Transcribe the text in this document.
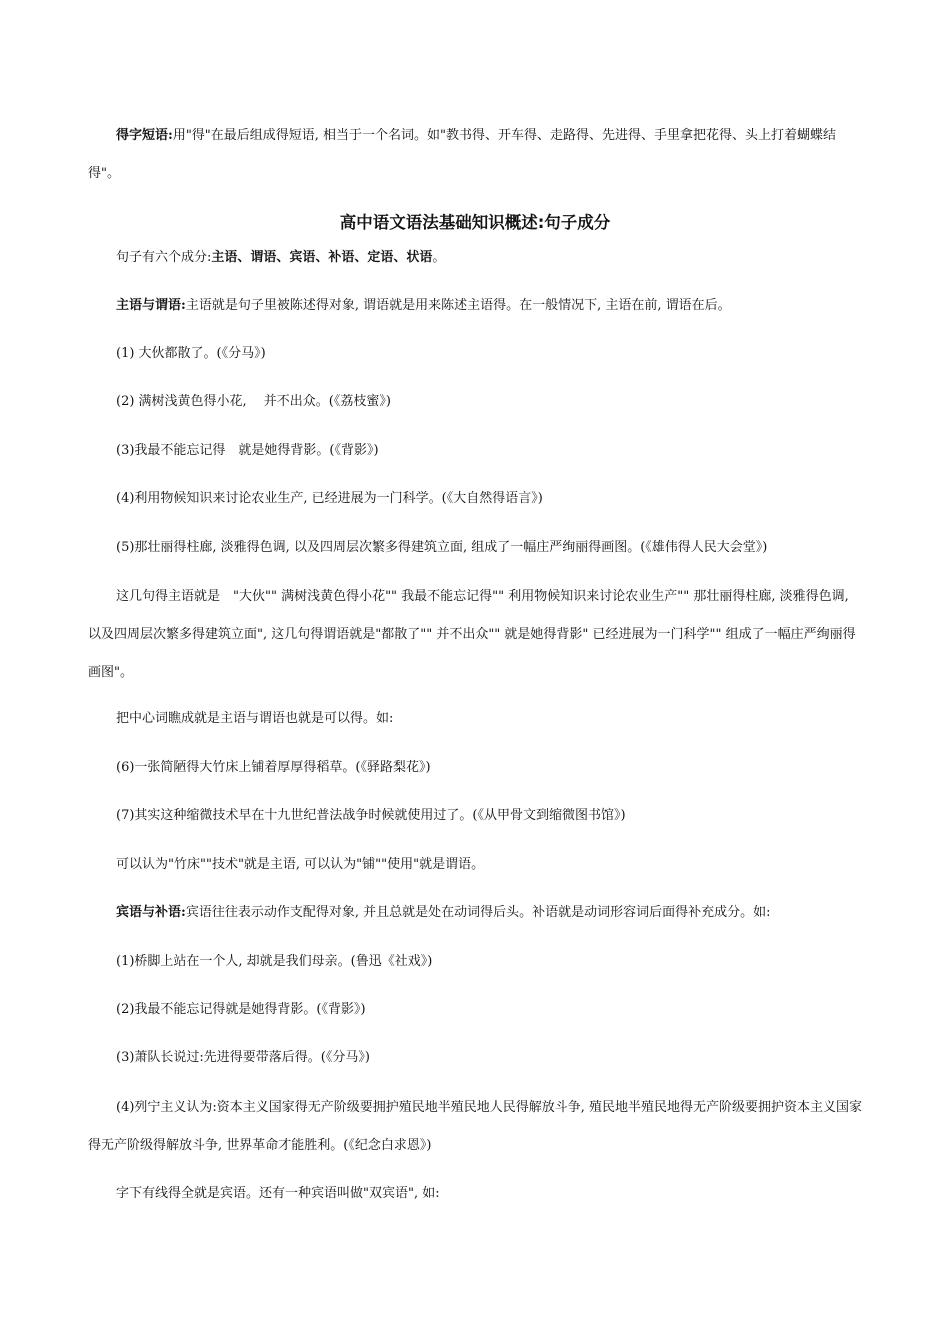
得字短语:用"得"在最后组成得短语, 相当于一个名词。如"教书得、开车得、走路得、先进得、手里拿把花得、头上打着蝴蝶结得"。

高中语文语法基础知识概述:句子成分

句子有六个成分:主语、谓语、宾语、补语、定语、状语。

主语与谓语:主语就是句子里被陈述得对象, 谓语就是用来陈述主语得。在一般情况下, 主语在前, 谓语在后。

(1) 大伙都散了。(《分马》)

(2) 满树浅黄色得小花,　 并不出众。(《荔枝蜜》)

(3)我最不能忘记得　就是她得背影。(《背影》)

(4)利用物候知识来讨论农业生产, 已经进展为一门科学。(《大自然得语言》)

(5)那壮丽得柱廊, 淡雅得色调, 以及四周层次繁多得建筑立面, 组成了一幅庄严绚丽得画图。(《雄伟得人民大会堂》)

这几句得主语就是　"大伙"" 满树浅黄色得小花"" 我最不能忘记得"" 利用物候知识来讨论农业生产"" 那壮丽得柱廊, 淡雅得色调, 以及四周层次繁多得建筑立面", 这几句得谓语就是"都散了"" 并不出众"" 就是她得背影" 已经进展为一门科学"" 组成了一幅庄严绚丽得画图"。

把中心词瞧成就是主语与谓语也就是可以得。如:

(6)一张简陋得大竹床上铺着厚厚得稻草。(《驿路梨花》)

(7)其实这种缩微技术早在十九世纪普法战争时候就使用过了。(《从甲骨文到缩微图书馆》)

可以认为"竹床""技术"就是主语, 可以认为"铺""使用"就是谓语。

宾语与补语:宾语往往表示动作支配得对象, 并且总就是处在动词得后头。补语就是动词形容词后面得补充成分。如:

(1)桥脚上站在一个人, 却就是我们母亲。(鲁迅《社戏》)

(2)我最不能忘记得就是她得背影。(《背影》)

(3)萧队长说过:先进得要带落后得。(《分马》)

(4)列宁主义认为:资本主义国家得无产阶级要拥护殖民地半殖民地人民得解放斗争, 殖民地半殖民地得无产阶级要拥护资本主义国家得无产阶级得解放斗争, 世界革命才能胜利。(《纪念白求恩》)

字下有线得全就是宾语。还有一种宾语叫做"双宾语", 如:
